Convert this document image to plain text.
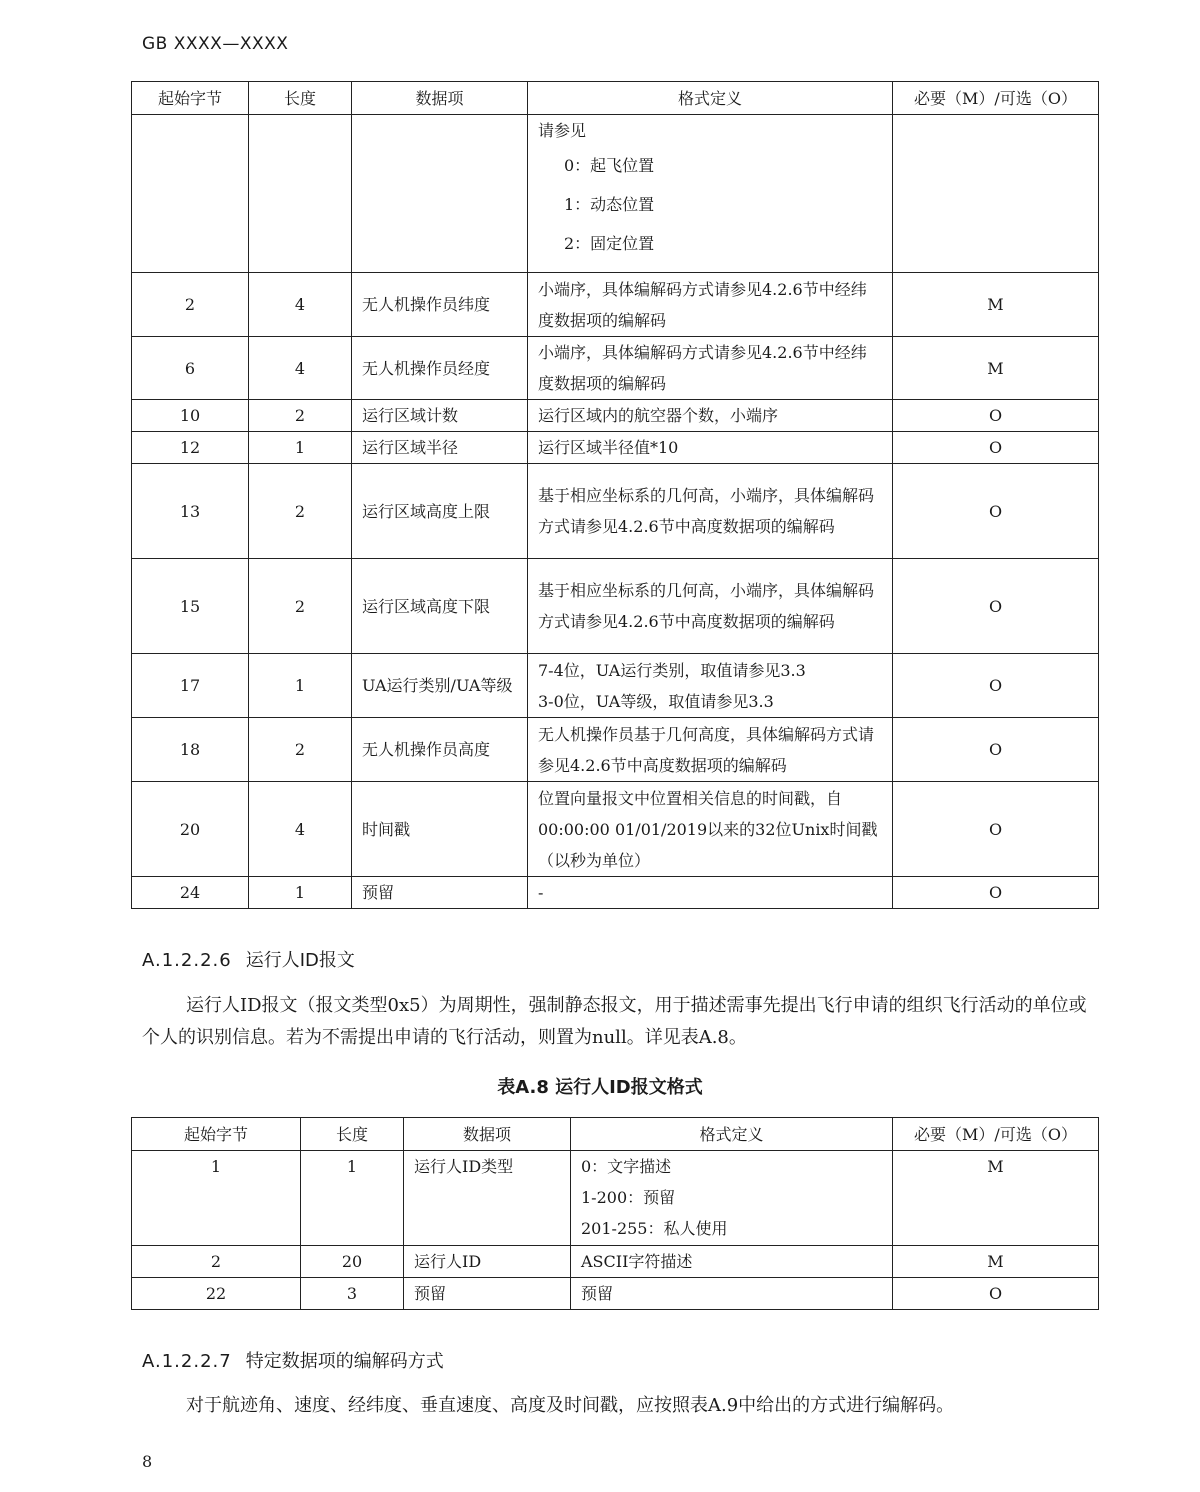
GB XXXX—XXXX
起始字节	长度	数据项	格式定义	必要（M）/可选（O）

			请参见
0：起飞位置
1：动态位置
2：固定位置	

2	4	无人机操作员纬度	小端序，具体编解码方式请参见4.2.6节中经纬度数据项的编解码	M
6	4	无人机操作员经度	小端序，具体编解码方式请参见4.2.6节中经纬度数据项的编解码	M
10	2	运行区域计数	运行区域内的航空器个数，小端序	O
12	1	运行区域半径	运行区域半径值*10	O
13	2	运行区域高度上限	基于相应坐标系的几何高，小端序，具体编解码方式请参见4.2.6节中高度数据项的编解码	O
15	2	运行区域高度下限	基于相应坐标系的几何高，小端序，具体编解码方式请参见4.2.6节中高度数据项的编解码	O
17	1	UA运行类别/UA等级	7-4位，UA运行类别，取值请参见3.3
3-0位，UA等级，取值请参见3.3	O
18	2	无人机操作员高度	无人机操作员基于几何高度，具体编解码方式请参见4.2.6节中高度数据项的编解码	O
20	4	时间戳	位置向量报文中位置相关信息的时间戳，自00:00:00 01/01/2019以来的32位Unix时间戳（以秒为单位）	O
24	1	预留	-	O
A.1.2.2.6 运行人ID报文
运行人ID报文（报文类型0x5）为周期性，强制静态报文，用于描述需事先提出飞行申请的组织飞行活动的单位或个人的识别信息。若为不需提出申请的飞行活动，则置为null。详见表A.8。
表A.8 运行人ID报文格式
起始字节	长度	数据项	格式定义	必要（M）/可选（O）
1	1	运行人ID类型	0：文字描述
1-200：预留
201-255：私人使用	M
2	20	运行人ID	ASCII字符描述	M
22	3	预留	预留	O
A.1.2.2.7 特定数据项的编解码方式
对于航迹角、速度、经纬度、垂直速度、高度及时间戳，应按照表A.9中给出的方式进行编解码。
8
